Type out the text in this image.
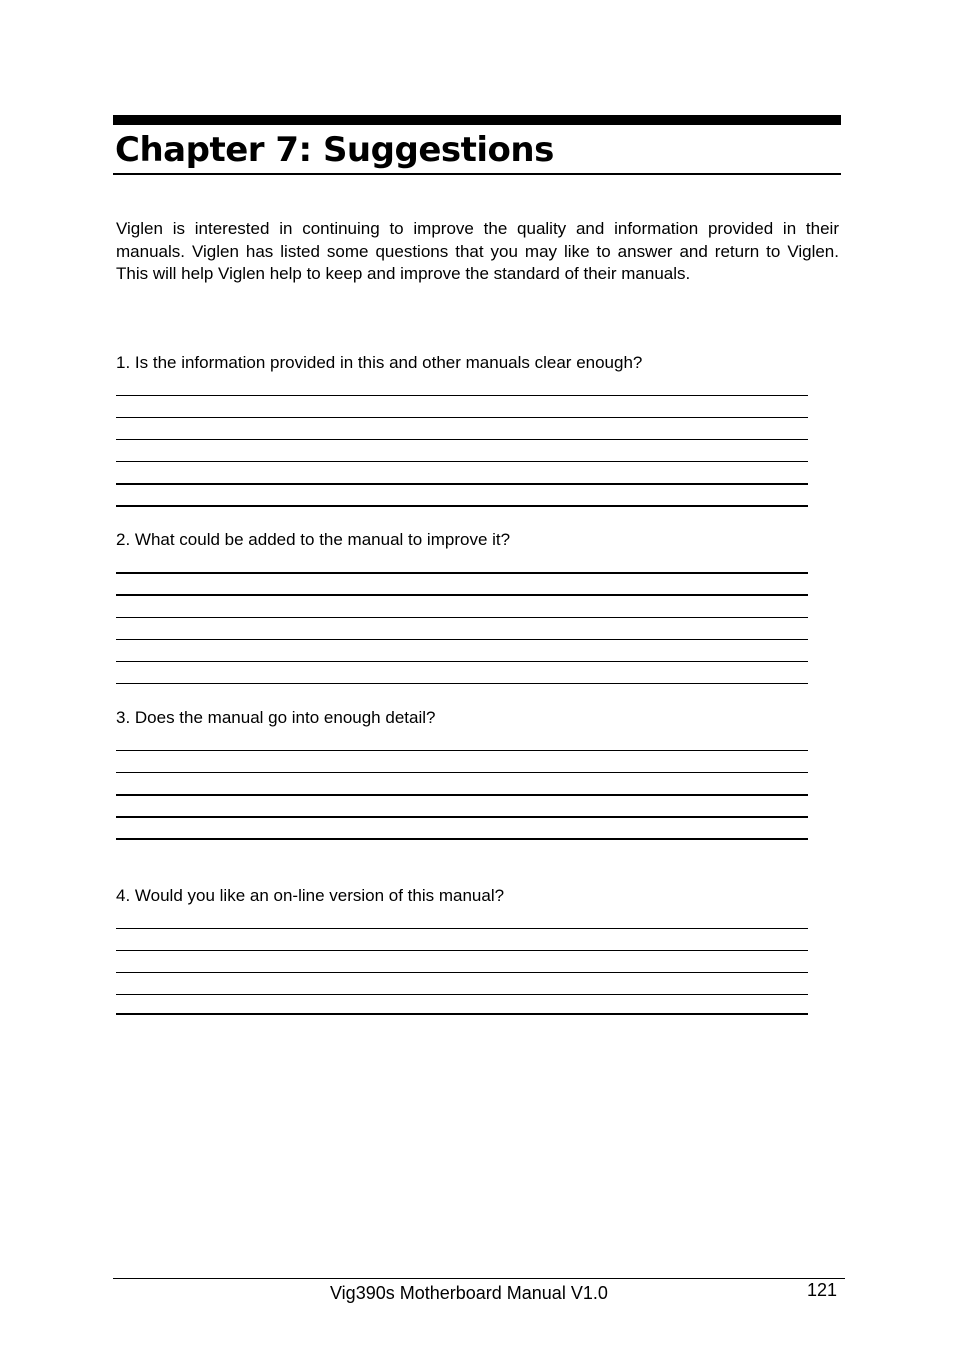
Chapter 7: Suggestions

Viglen is interested in continuing to improve the quality and information provided in their manuals. Viglen has listed some questions that you may like to answer and return to Viglen. This will help Viglen help to keep and improve the standard of their manuals.

1. Is the information provided in this and other manuals clear enough?

2. What could be added to the manual to improve it?

3. Does the manual go into enough detail?

4. Would you like an on-line version of this manual?

Vig390s Motherboard Manual V1.0	121
